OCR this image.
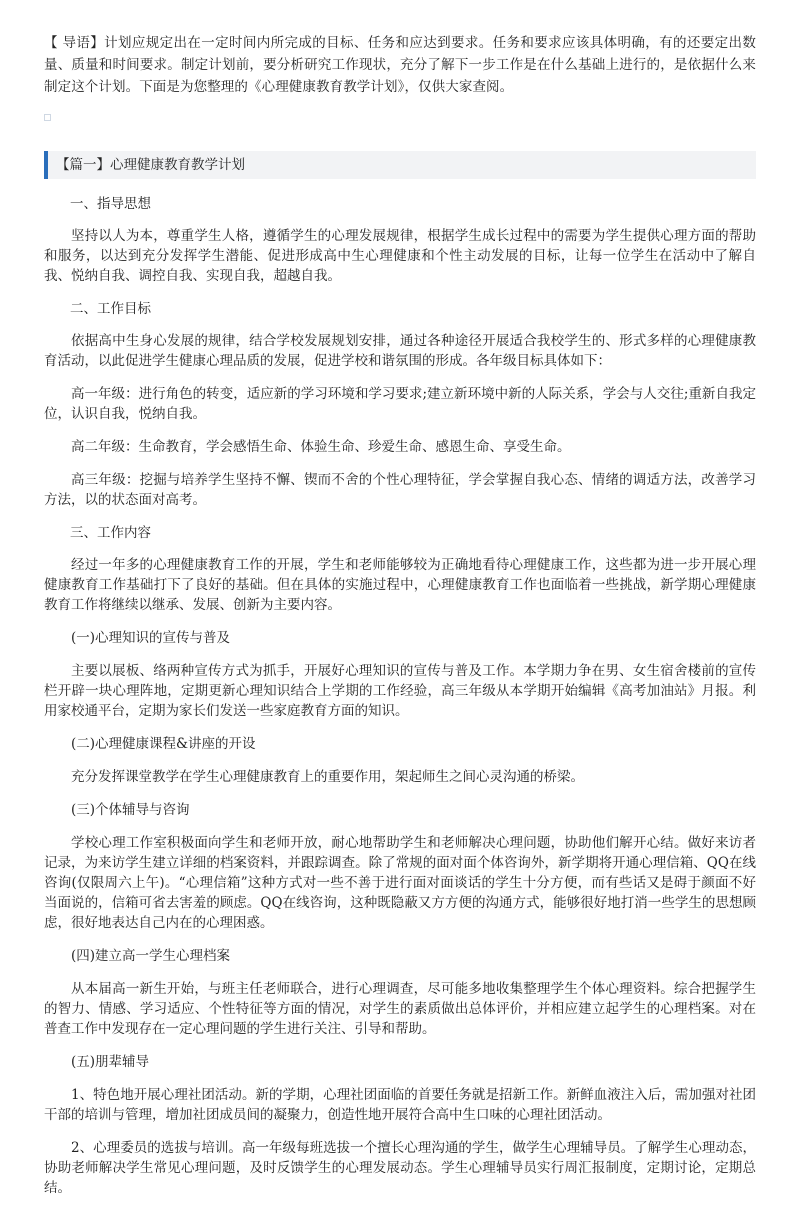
【 导语】计划应规定出在一定时间内所完成的目标、任务和应达到要求。任务和要求应该具体明确，有的还要定出数量、质量和时间要求。制定计划前，要分析研究工作现状，充分了解下一步工作是在什么基础上进行的，是依据什么来制定这个计划。下面是为您整理的《心理健康教育教学计划》，仅供大家查阅。

【篇一】心理健康教育教学计划

一、指导思想

坚持以人为本，尊重学生人格，遵循学生的心理发展规律，根据学生成长过程中的需要为学生提供心理方面的帮助和服务，以达到充分发挥学生潜能、促进形成高中生心理健康和个性主动发展的目标，让每一位学生在活动中了解自我、悦纳自我、调控自我、实现自我，超越自我。

二、工作目标

依据高中生身心发展的规律，结合学校发展规划安排，通过各种途径开展适合我校学生的、形式多样的心理健康教育活动，以此促进学生健康心理品质的发展，促进学校和谐氛围的形成。各年级目标具体如下：

高一年级：进行角色的转变，适应新的学习环境和学习要求;建立新环境中新的人际关系，学会与人交往;重新自我定位，认识自我，悦纳自我。

高二年级：生命教育，学会感悟生命、体验生命、珍爱生命、感恩生命、享受生命。

高三年级：挖掘与培养学生坚持不懈、锲而不舍的个性心理特征，学会掌握自我心态、情绪的调适方法，改善学习方法，以的状态面对高考。

三、工作内容

经过一年多的心理健康教育工作的开展，学生和老师能够较为正确地看待心理健康工作，这些都为进一步开展心理健康教育工作基础打下了良好的基础。但在具体的实施过程中，心理健康教育工作也面临着一些挑战，新学期心理健康教育工作将继续以继承、发展、创新为主要内容。

(一)心理知识的宣传与普及

主要以展板、络两种宣传方式为抓手，开展好心理知识的宣传与普及工作。本学期力争在男、女生宿舍楼前的宣传栏开辟一块心理阵地，定期更新心理知识结合上学期的工作经验，高三年级从本学期开始编辑《高考加油站》月报。利用家校通平台，定期为家长们发送一些家庭教育方面的知识。

(二)心理健康课程&讲座的开设

充分发挥课堂教学在学生心理健康教育上的重要作用，架起师生之间心灵沟通的桥梁。

(三)个体辅导与咨询

学校心理工作室积极面向学生和老师开放，耐心地帮助学生和老师解决心理问题，协助他们解开心结。做好来访者记录，为来访学生建立详细的档案资料，并跟踪调查。除了常规的面对面个体咨询外，新学期将开通心理信箱、QQ在线咨询(仅限周六上午)。“心理信箱”这种方式对一些不善于进行面对面谈话的学生十分方便，而有些话又是碍于颜面不好当面说的，信箱可省去害羞的顾虑。QQ在线咨询，这种既隐蔽又方方便的沟通方式，能够很好地打消一些学生的思想顾虑，很好地表达自己内在的心理困惑。

(四)建立高一学生心理档案

从本届高一新生开始，与班主任老师联合，进行心理调查，尽可能多地收集整理学生个体心理资料。综合把握学生的智力、情感、学习适应、个性特征等方面的情况，对学生的素质做出总体评价，并相应建立起学生的心理档案。对在普查工作中发现存在一定心理问题的学生进行关注、引导和帮助。

(五)朋辈辅导

1、特色地开展心理社团活动。新的学期，心理社团面临的首要任务就是招新工作。新鲜血液注入后，需加强对社团干部的培训与管理，增加社团成员间的凝聚力，创造性地开展符合高中生口味的心理社团活动。

2、心理委员的选拔与培训。高一年级每班选拔一个擅长心理沟通的学生，做学生心理辅导员。了解学生心理动态，协助老师解决学生常见心理问题，及时反馈学生的心理发展动态。学生心理辅导员实行周汇报制度，定期讨论，定期总结。
